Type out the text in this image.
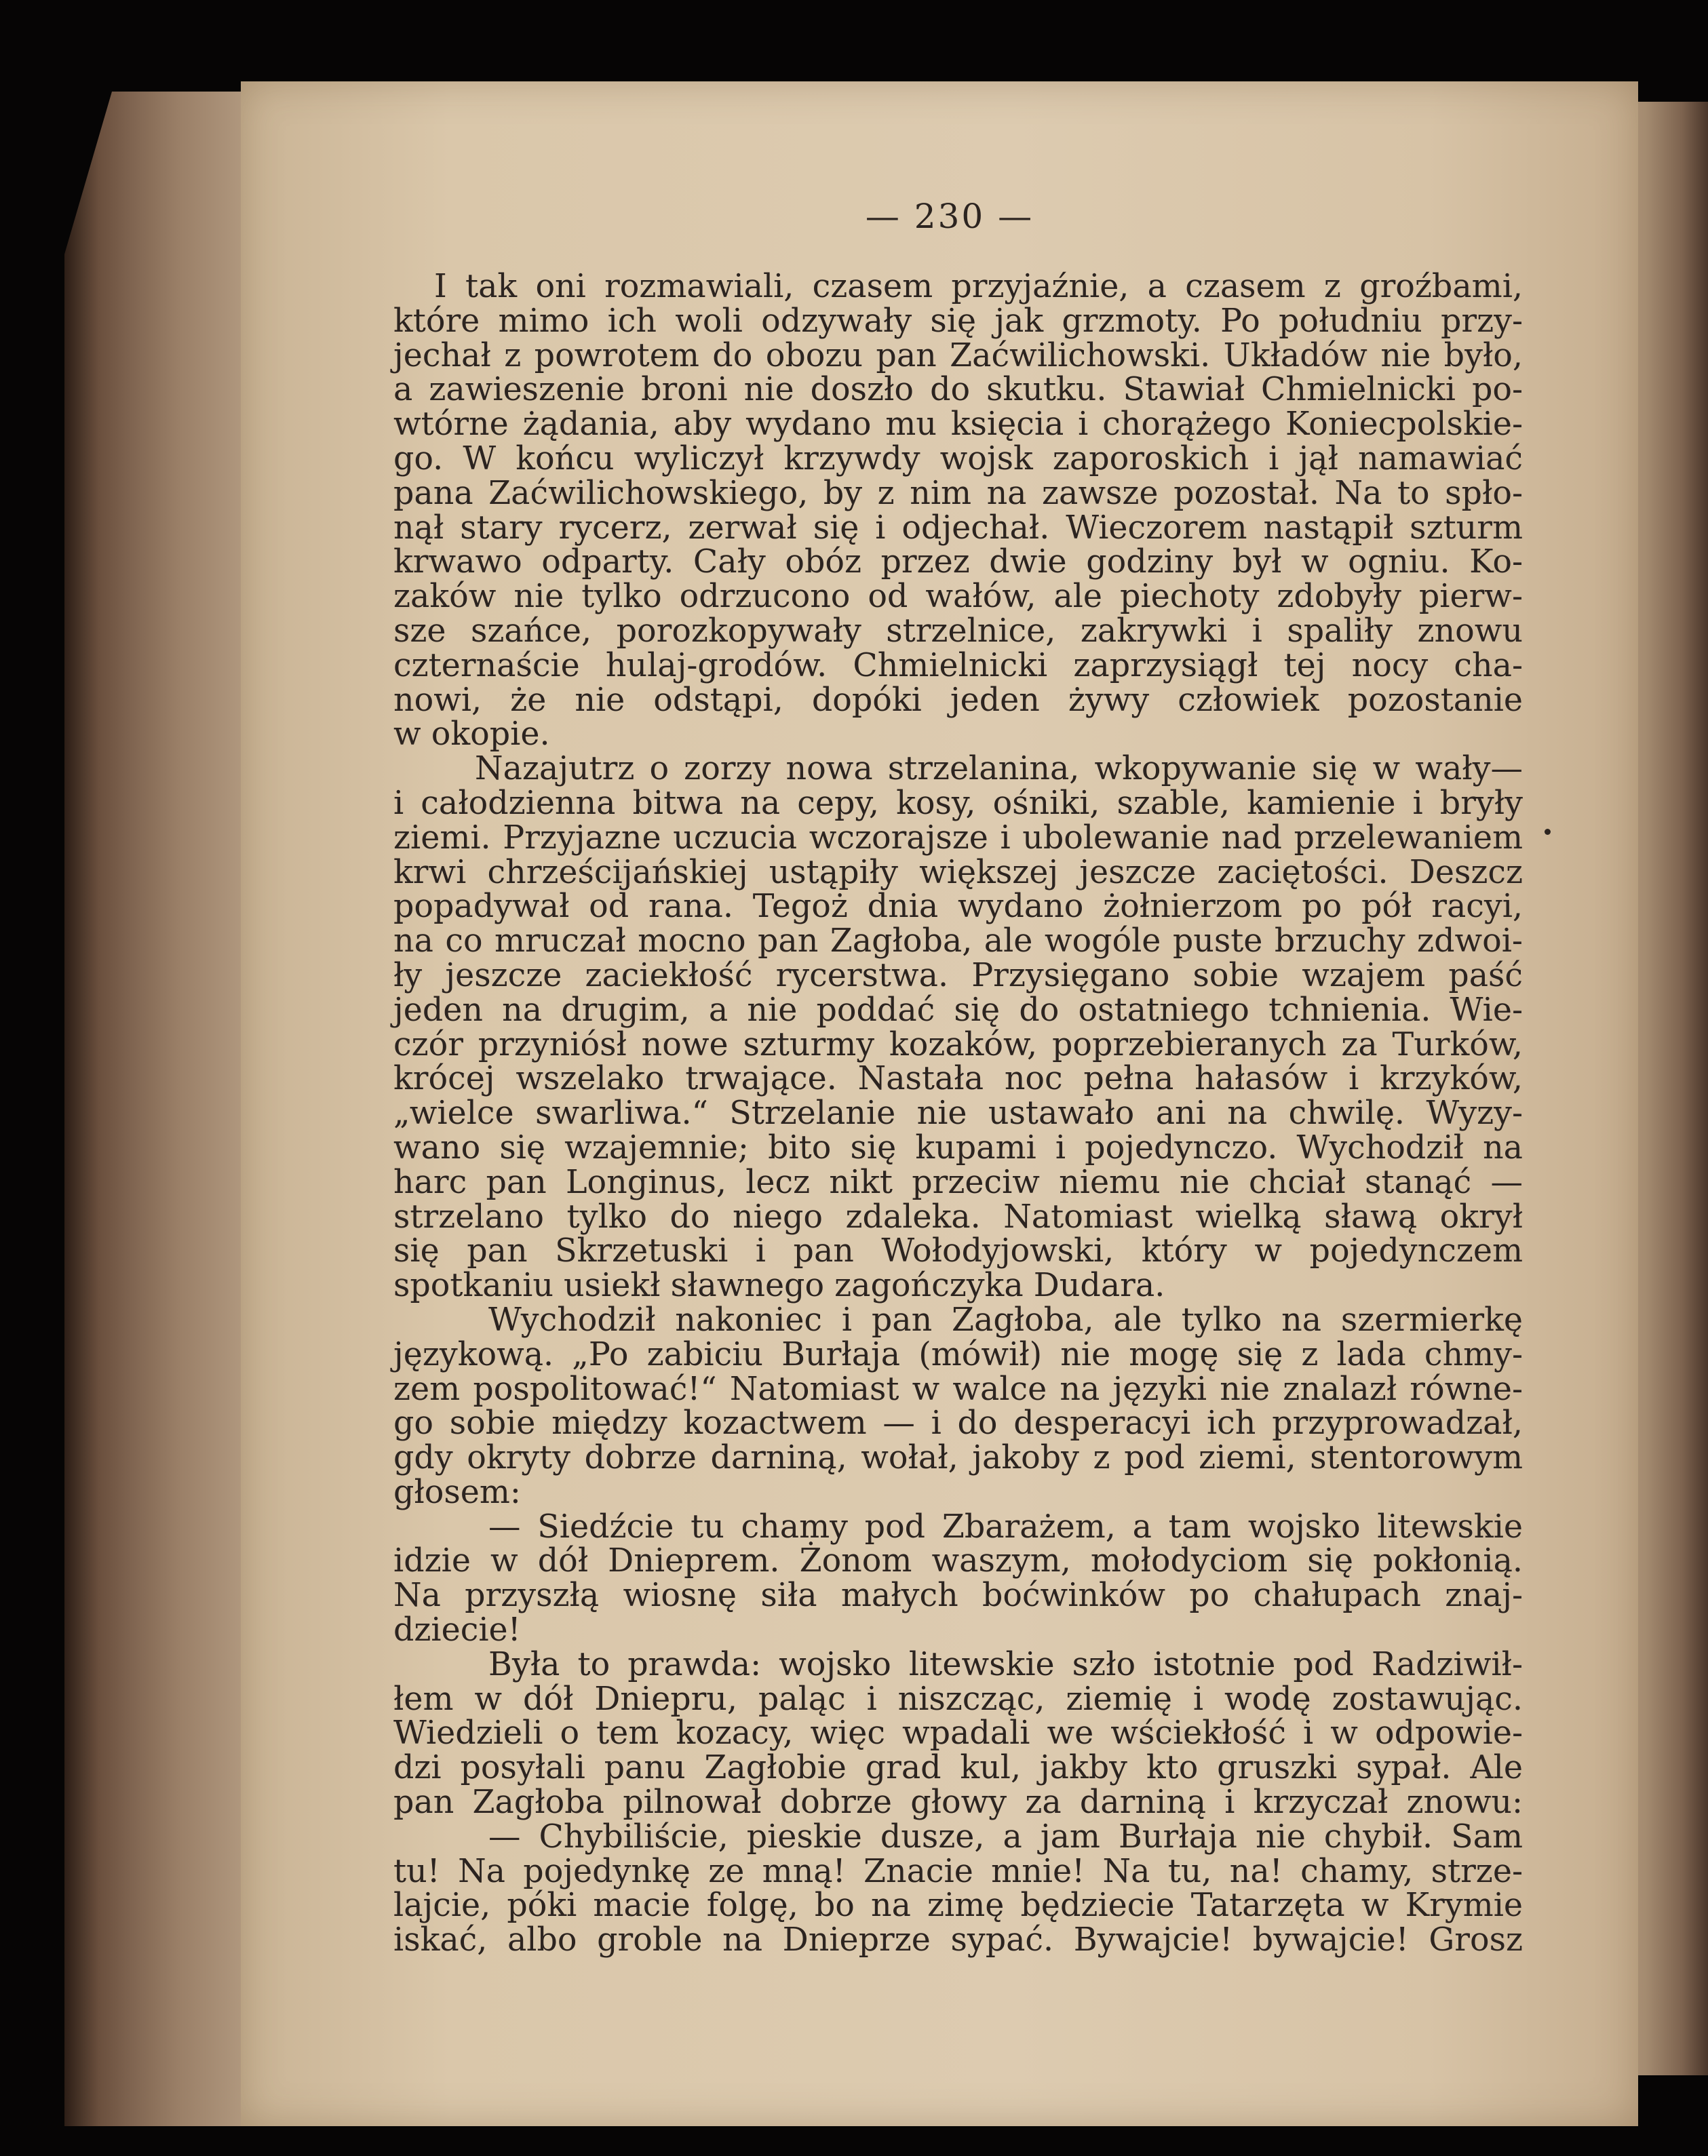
— 230 —
I tak oni rozmawiali, czasem przyjaźnie, a czasem z groźbami,
które mimo ich woli odzywały się jak grzmoty. Po południu przy-
jechał z powrotem do obozu pan Zaćwilichowski. Układów nie było,
a zawieszenie broni nie doszło do skutku. Stawiał Chmielnicki po-
wtórne żądania, aby wydano mu księcia i chorążego Koniecpolskie-
go. W końcu wyliczył krzywdy wojsk zaporoskich i jął namawiać
pana Zaćwilichowskiego, by z nim na zawsze pozostał. Na to spło-
nął stary rycerz, zerwał się i odjechał. Wieczorem nastąpił szturm
krwawo odparty. Cały obóz przez dwie godziny był w ogniu. Ko-
zaków nie tylko odrzucono od wałów, ale piechoty zdobyły pierw-
sze szańce, porozkopywały strzelnice, zakrywki i spaliły znowu
czternaście hulaj-grodów. Chmielnicki zaprzysiągł tej nocy cha-
nowi, że nie odstąpi, dopóki jeden żywy człowiek pozostanie
w okopie.
Nazajutrz o zorzy nowa strzelanina, wkopywanie się w wały—
i całodzienna bitwa na cepy, kosy, ośniki, szable, kamienie i bryły
ziemi. Przyjazne uczucia wczorajsze i ubolewanie nad przelewaniem
krwi chrześcijańskiej ustąpiły większej jeszcze zaciętości. Deszcz
popadywał od rana. Tegoż dnia wydano żołnierzom po pół racyi,
na co mruczał mocno pan Zagłoba, ale wogóle puste brzuchy zdwoi-
ły jeszcze zaciekłość rycerstwa. Przysięgano sobie wzajem paść
jeden na drugim, a nie poddać się do ostatniego tchnienia. Wie-
czór przyniósł nowe szturmy kozaków, poprzebieranych za Turków,
krócej wszelako trwające. Nastała noc pełna hałasów i krzyków,
„wielce swarliwa.“ Strzelanie nie ustawało ani na chwilę. Wyzy-
wano się wzajemnie; bito się kupami i pojedynczo. Wychodził na
harc pan Longinus, lecz nikt przeciw niemu nie chciał stanąć —
strzelano tylko do niego zdaleka. Natomiast wielką sławą okrył
się pan Skrzetuski i pan Wołodyjowski, który w pojedynczem
spotkaniu usiekł sławnego zagończyka Dudara.
Wychodził nakoniec i pan Zagłoba, ale tylko na szermierkę
językową. „Po zabiciu Burłaja (mówił) nie mogę się z lada chmy-
zem pospolitować!“ Natomiast w walce na języki nie znalazł równe-
go sobie między kozactwem — i do desperacyi ich przyprowadzał,
gdy okryty dobrze darniną, wołał, jakoby z pod ziemi, stentorowym
głosem:
— Siedźcie tu chamy pod Zbarażem, a tam wojsko litewskie
idzie w dół Dnieprem. Żonom waszym, mołodyciom się pokłonią.
Na przyszłą wiosnę siła małych boćwinków po chałupach znaj-
dziecie!
Była to prawda: wojsko litewskie szło istotnie pod Radziwił-
łem w dół Dniepru, paląc i niszcząc, ziemię i wodę zostawując.
Wiedzieli o tem kozacy, więc wpadali we wściekłość i w odpowie-
dzi posyłali panu Zagłobie grad kul, jakby kto gruszki sypał. Ale
pan Zagłoba pilnował dobrze głowy za darniną i krzyczał znowu:
— Chybiliście, pieskie dusze, a jam Burłaja nie chybił. Sam
tu! Na pojedynkę ze mną! Znacie mnie! Na tu, na! chamy, strze-
lajcie, póki macie folgę, bo na zimę będziecie Tatarzęta w Krymie
iskać, albo groble na Dnieprze sypać. Bywajcie! bywajcie! Grosz
